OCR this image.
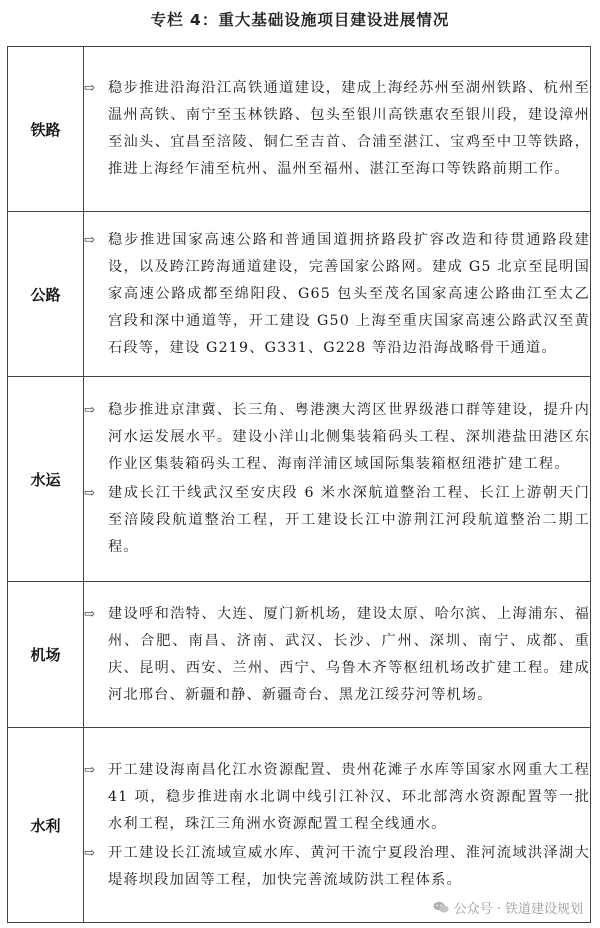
专栏 4：重大基础设施项目建设进展情况
铁路	⇨ 稳步推进沿海沿江高铁通道建设，建成上海经苏州至湖州铁路、杭州至温州高铁、南宁至玉林铁路、包头至银川高铁惠农至银川段，建设漳州至汕头、宜昌至涪陵、铜仁至吉首、合浦至湛江、宝鸡至中卫等铁路，推进上海经乍浦至杭州、温州至福州、湛江至海口等铁路前期工作。

公路	⇨ 稳步推进国家高速公路和普通国道拥挤路段扩容改造和待贯通路段建设，以及跨江跨海通道建设，完善国家公路网。建成 G5 北京至昆明国家高速公路成都至绵阳段、G65 包头至茂名国家高速公路曲江至太乙宫段和深中通道等，开工建设 G50 上海至重庆国家高速公路武汉至黄石段等，建设 G219、G331、G228 等沿边沿海战略骨干通道。

水运	⇨ 稳步推进京津冀、长三角、粤港澳大湾区世界级港口群等建设，提升内河水运发展水平。建设小洋山北侧集装箱码头工程、深圳港盐田港区东作业区集装箱码头工程、海南洋浦区域国际集装箱枢纽港扩建工程。
⇨ 建成长江干线武汉至安庆段 6 米水深航道整治工程、长江上游朝天门至涪陵段航道整治工程，开工建设长江中游荆江河段航道整治二期工程。

机场	⇨ 建设呼和浩特、大连、厦门新机场，建设太原、哈尔滨、上海浦东、福州、合肥、南昌、济南、武汉、长沙、广州、深圳、南宁、成都、重庆、昆明、西安、兰州、西宁、乌鲁木齐等枢纽机场改扩建工程。建成河北邢台、新疆和静、新疆奇台、黑龙江绥芬河等机场。

水利	⇨ 开工建设海南昌化江水资源配置、贵州花滩子水库等国家水网重大工程 41 项，稳步推进南水北调中线引江补汉、环北部湾水资源配置等一批水利工程，珠江三角洲水资源配置工程全线通水。
⇨ 开工建设长江流域宣威水库、黄河干流宁夏段治理、淮河流域洪泽湖大堤蒋坝段加固等工程，加快完善流域防洪工程体系。
公众号 · 铁道建设规划
